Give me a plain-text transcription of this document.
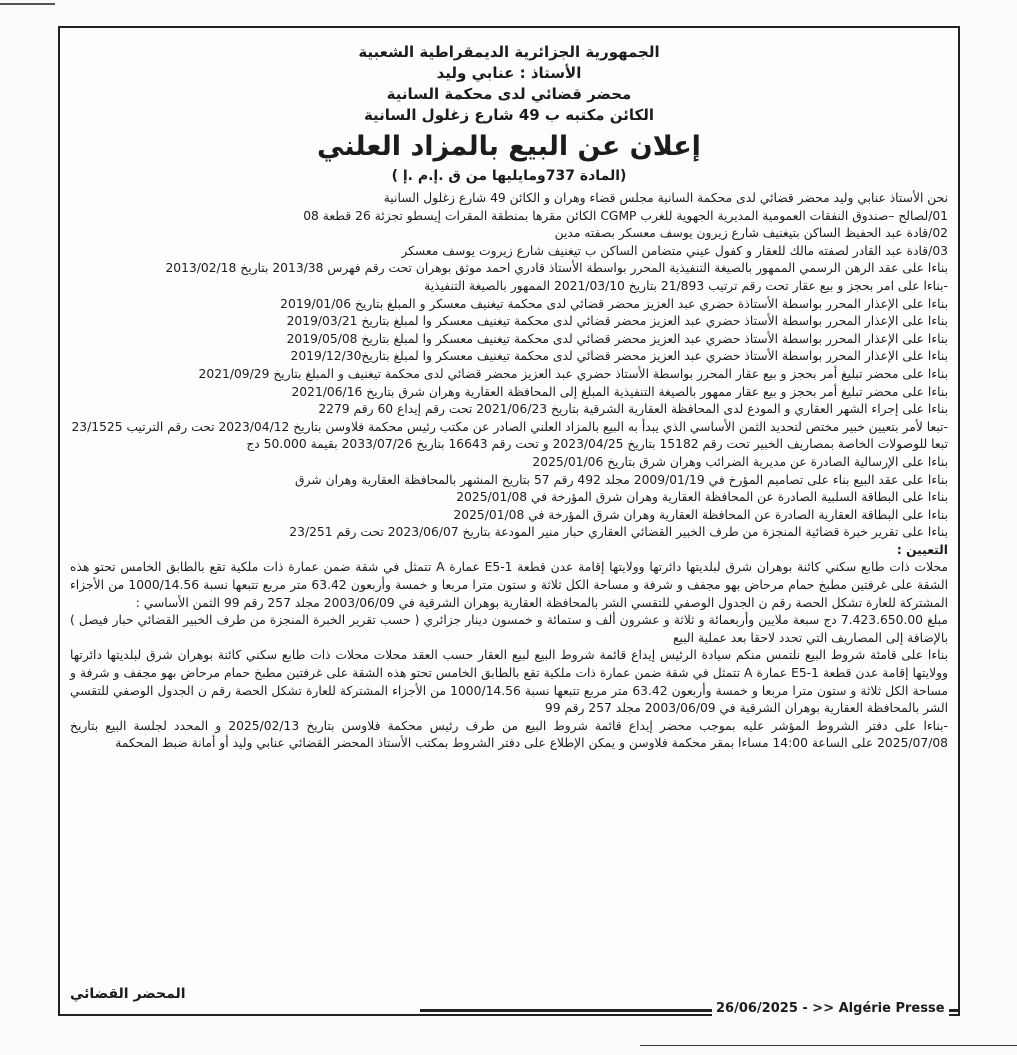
الجمهورية الجزائرية الديمقراطية الشعبية
الأستاذ : عنابي وليد
محضر قضائي لدى محكمة السانية
الكائن مكتبه ب 49 شارع زغلول السانية
إعلان عن البيع بالمزاد العلني
( المادة 737ومايليها من ق .إ.م .إ)

نحن الأستاذ عنابي وليد محضر قضائي لدى محكمة السانية مجلس قضاء وهران و الكائن 49 شارع زغلول السانية

01/لصالح –صندوق النفقات العمومية المديرية الجهوية للغرب CGMP الكائن مقرها بمنطقة المقرات إيسطو تجزئة 26 قطعة 08

02/قادة عبد الحفيظ الساكن بتيغنيف شارع زيرون يوسف معسكر بصفته مدين

03/قادة عبد القادر لصفته مالك للعقار و كفول عيني متضامن الساكن ب تيغنيف شارع زيروت يوسف معسكر

بناءا على عقد الرهن الرسمي الممهور بالصيغة التنفيذية المحرر بواسطة الأستاذ قادري احمد موثق بوهران تحت رقم فهرس 2013/38 بتاريخ 2013/02/18

-بناءا على امر بحجز و بيع عقار تحت رقم ترتيب 21/893 بتاريخ 2021/03/10 الممهور بالصيغة التنفيذية

بناءا على الإعذار المحرر بواسطة الأستاذة حضري عبد العزيز محضر قضائي لدى محكمة تيغنيف معسكر و المبلغ بتاريخ 2019/01/06

بناءا على الإعذار المحرر بواسطة الأستاذ حضري عبد العزيز محضر قضائي لدى محكمة تيغنيف معسكر وا لمبلغ بتاريخ 2019/03/21

بناءا على الإعذار المحرر بواسطة الأستاذ حضري عبد العزيز محضر قضائي لدى محكمة تيغنيف معسكر وا لمبلغ بتاريخ 2019/05/08

بناءا على الإعذار المحرر بواسطة الأستاذ حضري عبد العزيز محضر قضائي لدى محكمة تيغنيف معسكر وا لمبلغ بتاريخ2019/12/30

بناءا على محضر تبليغ أمر بحجز و بيع عقار المحرر بواسطة الأستاذ حضري عبد العزيز محضر قضائي لدى محكمة تيغنيف و المبلغ بتاريخ 2021/09/29

بناءا على محضر تبليغ أمر بحجز و بيع عقار ممهور بالصيغة التنفيذية المبلغ إلى المحافظة العقارية وهران شرق بتاريخ 2021/06/16

بناءا على إجراء الشهر العقاري و المودع لدى المحافظة العقارية الشرقية بتاريخ 2021/06/23 تحت رقم إيداع 60 رقم 2279

-تبعا لأمر بتعيين خبير مختص لتحديد الثمن الأساسي الذي يبدأ به البيع بالمزاد العلني الصادر عن مكتب رئيس محكمة فلاوسن بتاريخ 2023/04/12 تحت رقم الترتيب 23/1525

تبعا للوصولات الخاصة بمصاريف الخبير تحت رقم 15182 بتاريخ 2023/04/25 و تحت رقم 16643 بتاريخ 2033/07/26 بقيمة 50.000 دج

بناءا على الإرسالية الصادرة عن مديرية الضرائب وهران شرق بتاريخ 2025/01/06

بناءا على عقد البيع بناء على تصاميم المؤرخ في 2009/01/19 مجلد 492 رقم 57 بتاريخ المشهر بالمحافظة العقارية وهران شرق

بناءا على البطاقة السلبية الصادرة عن المحافظة العقارية وهران شرق المؤرخة في 2025/01/08

بناءا على البطاقة العقارية الصادرة عن المحافظة العقارية وهران شرق المؤرخة في 2025/01/08

بناءا على تقرير خبرة قضائية المنجزة من طرف الخبير القضائي العقاري حبار منير المودعة بتاريخ 2023/06/07 تحت رقم 23/251

التعيين :

محلات ذات طابع سكني كائنة بوهران شرق لبلديتها دائرتها وولايتها إقامة عدن قطعة E5-1 عمارة A تتمثل في شقة ضمن عمارة ذات ملكية تقع بالطابق الخامس تحتو هذه الشقة على غرفتين مطبخ حمام مرحاض بهو مجفف و شرفة و مساحة الكل ثلاثة و ستون مترا مربعا و خمسة وأربعون 63.42 متر مربع تتبعها نسبة 1000/14.56 من الأجزاء المشتركة للعارة تشكل الحصة رقم ن الجدول الوصفي للتقسي الشر بالمحافظة العقارية بوهران الشرقية في 2003/06/09 مجلد 257 رقم 99 الثمن الأساسي :

مبلغ 7.423.650.00 دج سبعة ملايين وأربعمائة و ثلاثة و عشرون ألف و ستمائة و خمسون دينار جزائري ( حسب تقرير الخبرة المنجزة من طرف الخبير القضائي حبار فيصل ) بالإضافة إلى المصاريف التي تحدد لاحقا بعد عملية البيع

بناءا على قامئة شروط البيع نلتمس منكم سيادة الرئيس إيداع قائمة شروط البيع لبيع العقار حسب العقد محلات محلات ذات طابع سكني كائنة بوهران شرق لبلديتها دائرتها وولايتها إقامة عدن قطعة E5-1 عمارة A تتمثل في شقة ضمن عمارة ذات ملكية تقع بالطابق الخامس تحتو هذه الشقة على غرفتين مطبخ حمام مرحاض بهو مجفف و شرفة و مساحة الكل ثلاثة و ستون مترا مربعا و خمسة وأربعون 63.42 متر مربع تتبعها نسبة 1000/14.56 من الأجزاء المشتركة للعارة تشكل الحصة رقم ن الجدول الوصفي للتقسي الشر بالمحافظة العقارية بوهران الشرقية في 2003/06/09 مجلد 257 رقم 99

-بناءا على دفتر الشروط المؤشر عليه بموجب محضر إيداع قائمة شروط البيع من طرف رئيس محكمة فلاوسن بتاريخ 2025/02/13 و المحدد لجلسة البيع بتاريخ 2025/07/08 على الساعة 14:00 مساءا بمقر محكمة فلاوسن و يمكن الإطلاع على دفتر الشروط بمكتب الأستاذ المحضر القضائي عنابي وليد أو أمانة ضبط المحكمة

المحضر القضائي
26/06/2025 - >> Algérie Presse
